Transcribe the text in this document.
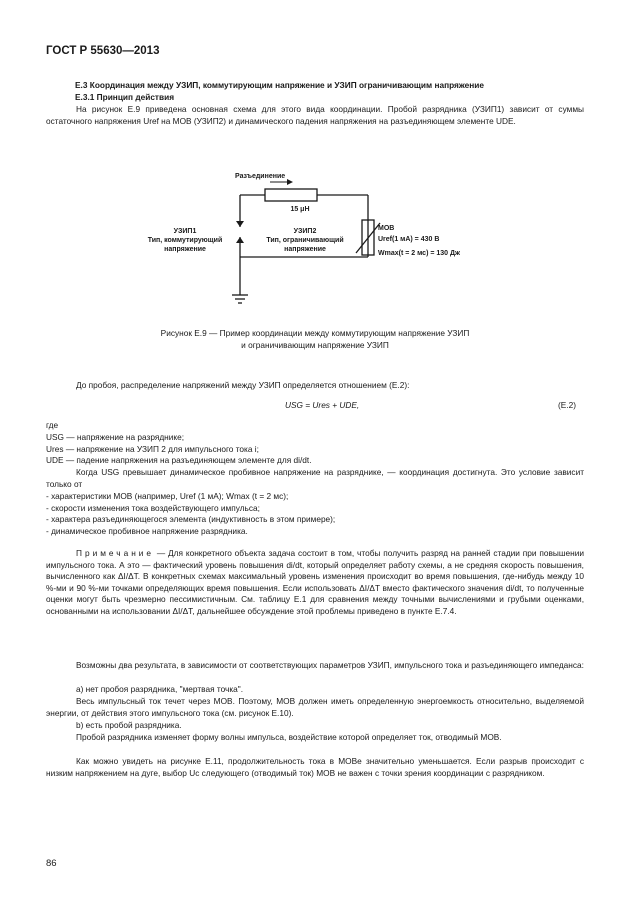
ГОСТ Р 55630—2013
Е.3 Координация между УЗИП, коммутирующим напряжение и УЗИП ограничивающим напряжение
Е.3.1 Принцип действия
На рисунок Е.9 приведена основная схема для этого вида координации. Пробой разрядника (УЗИП1) зависит от суммы остаточного напряжения Uref на МОВ (УЗИП2) и динамического падения напряжения на разъединяющем элементе UDE.
Разъединение
15 μH
УЗИП1
Тип, коммутирующий
напряжение
УЗИП2
Тип, ограничивающий
напряжение
МОВ
Uref(1 мА) = 430 В
Wmax(t = 2 мс) = 130 Дж
Рисунок Е.9 — Пример координации между коммутирующим напряжение УЗИП
и ограничивающим напряжение УЗИП
До пробоя, распределение напряжений между УЗИП определяется отношением (Е.2):
USG = Ures + UDE,	(Е.2)
где
USG — напряжение на разряднике;
Ures — напряжение на УЗИП 2 для импульсного тока i;
UDE — падение напряжения на разъединяющем элементе для di/dt.
Когда USG превышает динамическое пробивное напряжение на разряднике, — координация достигнута. Это условие зависит только от
- характеристики МОВ (например, Uref (1 мА); Wmax (t = 2 мс);
- скорости изменения тока воздействующего импульса;
- характера разъединяющегося элемента (индуктивность в этом примере);
- динамическое пробивное напряжение разрядника.
Примечание — Для конкретного объекта задача состоит в том, чтобы получить разряд на ранней стадии при повышении импульсного тока. А это — фактический уровень повышения di/dt, который определяет работу схемы, а не средняя скорость повышения, вычисленного как ΔI/ΔT. В конкретных схемах максимальный уровень изменения происходит во время повышения, где-нибудь между 10 %-ми и 90 %-ми точками определяющих время повышения. Если использовать ΔI/ΔT вместо фактического значения di/dt, то полученные оценки могут быть чрезмерно пессимистичным. См. таблицу Е.1 для сравнения между точными вычислениями и грубыми оценками, основанными на использовании ΔI/ΔT, дальнейшее обсуждение этой проблемы приведено в пункте Е.7.4.
Возможны два результата, в зависимости от соответствующих параметров УЗИП, импульсного тока и разъединяющего импеданса:
а) нет пробоя разрядника, "мертвая точка".
Весь импульсный ток течет через МОВ. Поэтому, МОВ должен иметь определенную энергоемкость относительно, выделяемой энергии, от действия этого импульсного тока (см. рисунок Е.10).
b) есть пробой разрядника.
Пробой разрядника изменяет форму волны импульса, воздействие которой определяет ток, отводимый МОВ.
Как можно увидеть на рисунке Е.11, продолжительность тока в МОВе значительно уменьшается. Если разрыв происходит с низким напряжением на дуге, выбор Uc следующего (отводимый ток) МОВ не важен с точки зрения координации с разрядником.
86
